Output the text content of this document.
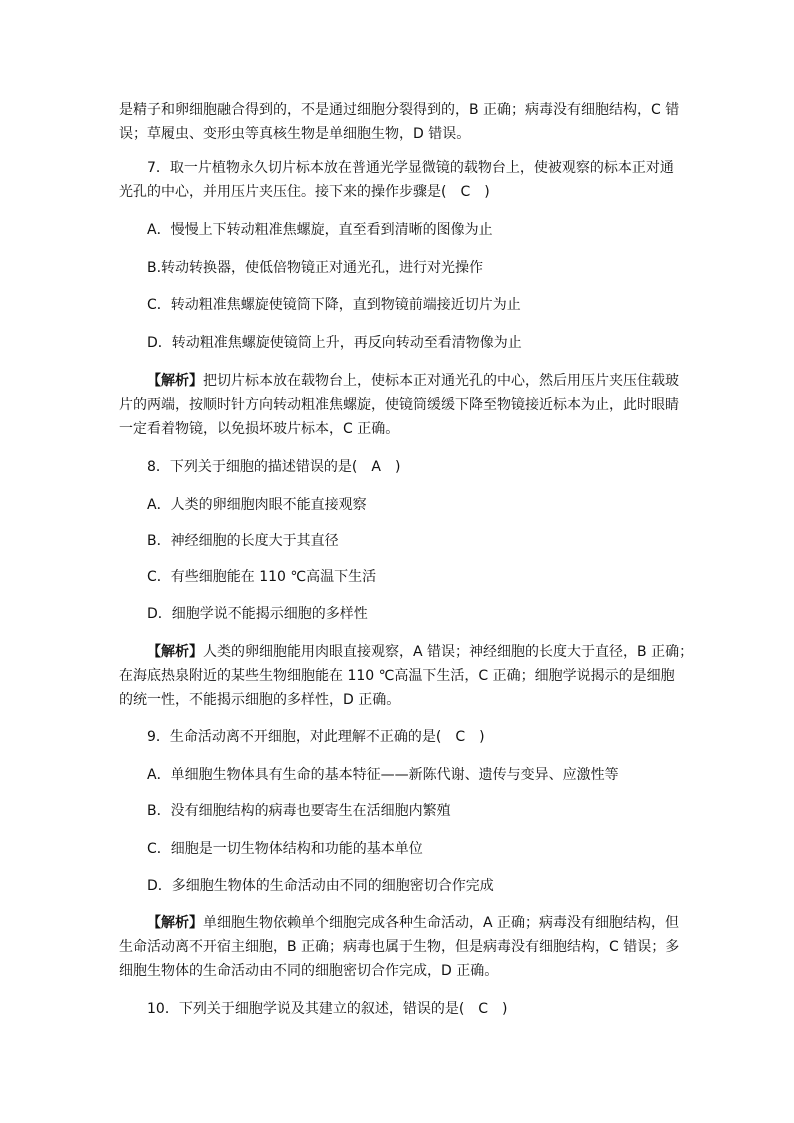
是精子和卵细胞融合得到的，不是通过细胞分裂得到的，B 正确；病毒没有细胞结构，C 错
误；草履虫、变形虫等真核生物是单细胞生物，D 错误。
7．取一片植物永久切片标本放在普通光学显微镜的载物台上，使被观察的标本正对通
光孔的中心，并用压片夹压住。接下来的操作步骤是(　C　)
A．慢慢上下转动粗准焦螺旋，直至看到清晰的图像为止
B.转动转换器，使低倍物镜正对通光孔，进行对光操作
C．转动粗准焦螺旋使镜筒下降，直到物镜前端接近切片为止
D．转动粗准焦螺旋使镜筒上升，再反向转动至看清物像为止
【解析】把切片标本放在载物台上，使标本正对通光孔的中心，然后用压片夹压住载玻
片的两端，按顺时针方向转动粗准焦螺旋，使镜筒缓缓下降至物镜接近标本为止，此时眼睛
一定看着物镜，以免损坏玻片标本，C 正确。
8．下列关于细胞的描述错误的是(　A　)
A．人类的卵细胞肉眼不能直接观察
B．神经细胞的长度大于其直径
C．有些细胞能在 110 ℃高温下生活
D．细胞学说不能揭示细胞的多样性
【解析】人类的卵细胞能用肉眼直接观察，A 错误；神经细胞的长度大于直径，B 正确；
在海底热泉附近的某些生物细胞能在 110 ℃高温下生活，C 正确；细胞学说揭示的是细胞
的统一性，不能揭示细胞的多样性，D 正确。
9．生命活动离不开细胞，对此理解不正确的是(　C　)
A．单细胞生物体具有生命的基本特征——新陈代谢、遗传与变异、应激性等
B．没有细胞结构的病毒也要寄生在活细胞内繁殖
C．细胞是一切生物体结构和功能的基本单位
D．多细胞生物体的生命活动由不同的细胞密切合作完成
【解析】单细胞生物依赖单个细胞完成各种生命活动，A 正确；病毒没有细胞结构，但
生命活动离不开宿主细胞，B 正确；病毒也属于生物，但是病毒没有细胞结构，C 错误；多
细胞生物体的生命活动由不同的细胞密切合作完成，D 正确。
10．下列关于细胞学说及其建立的叙述，错误的是(　C　)
